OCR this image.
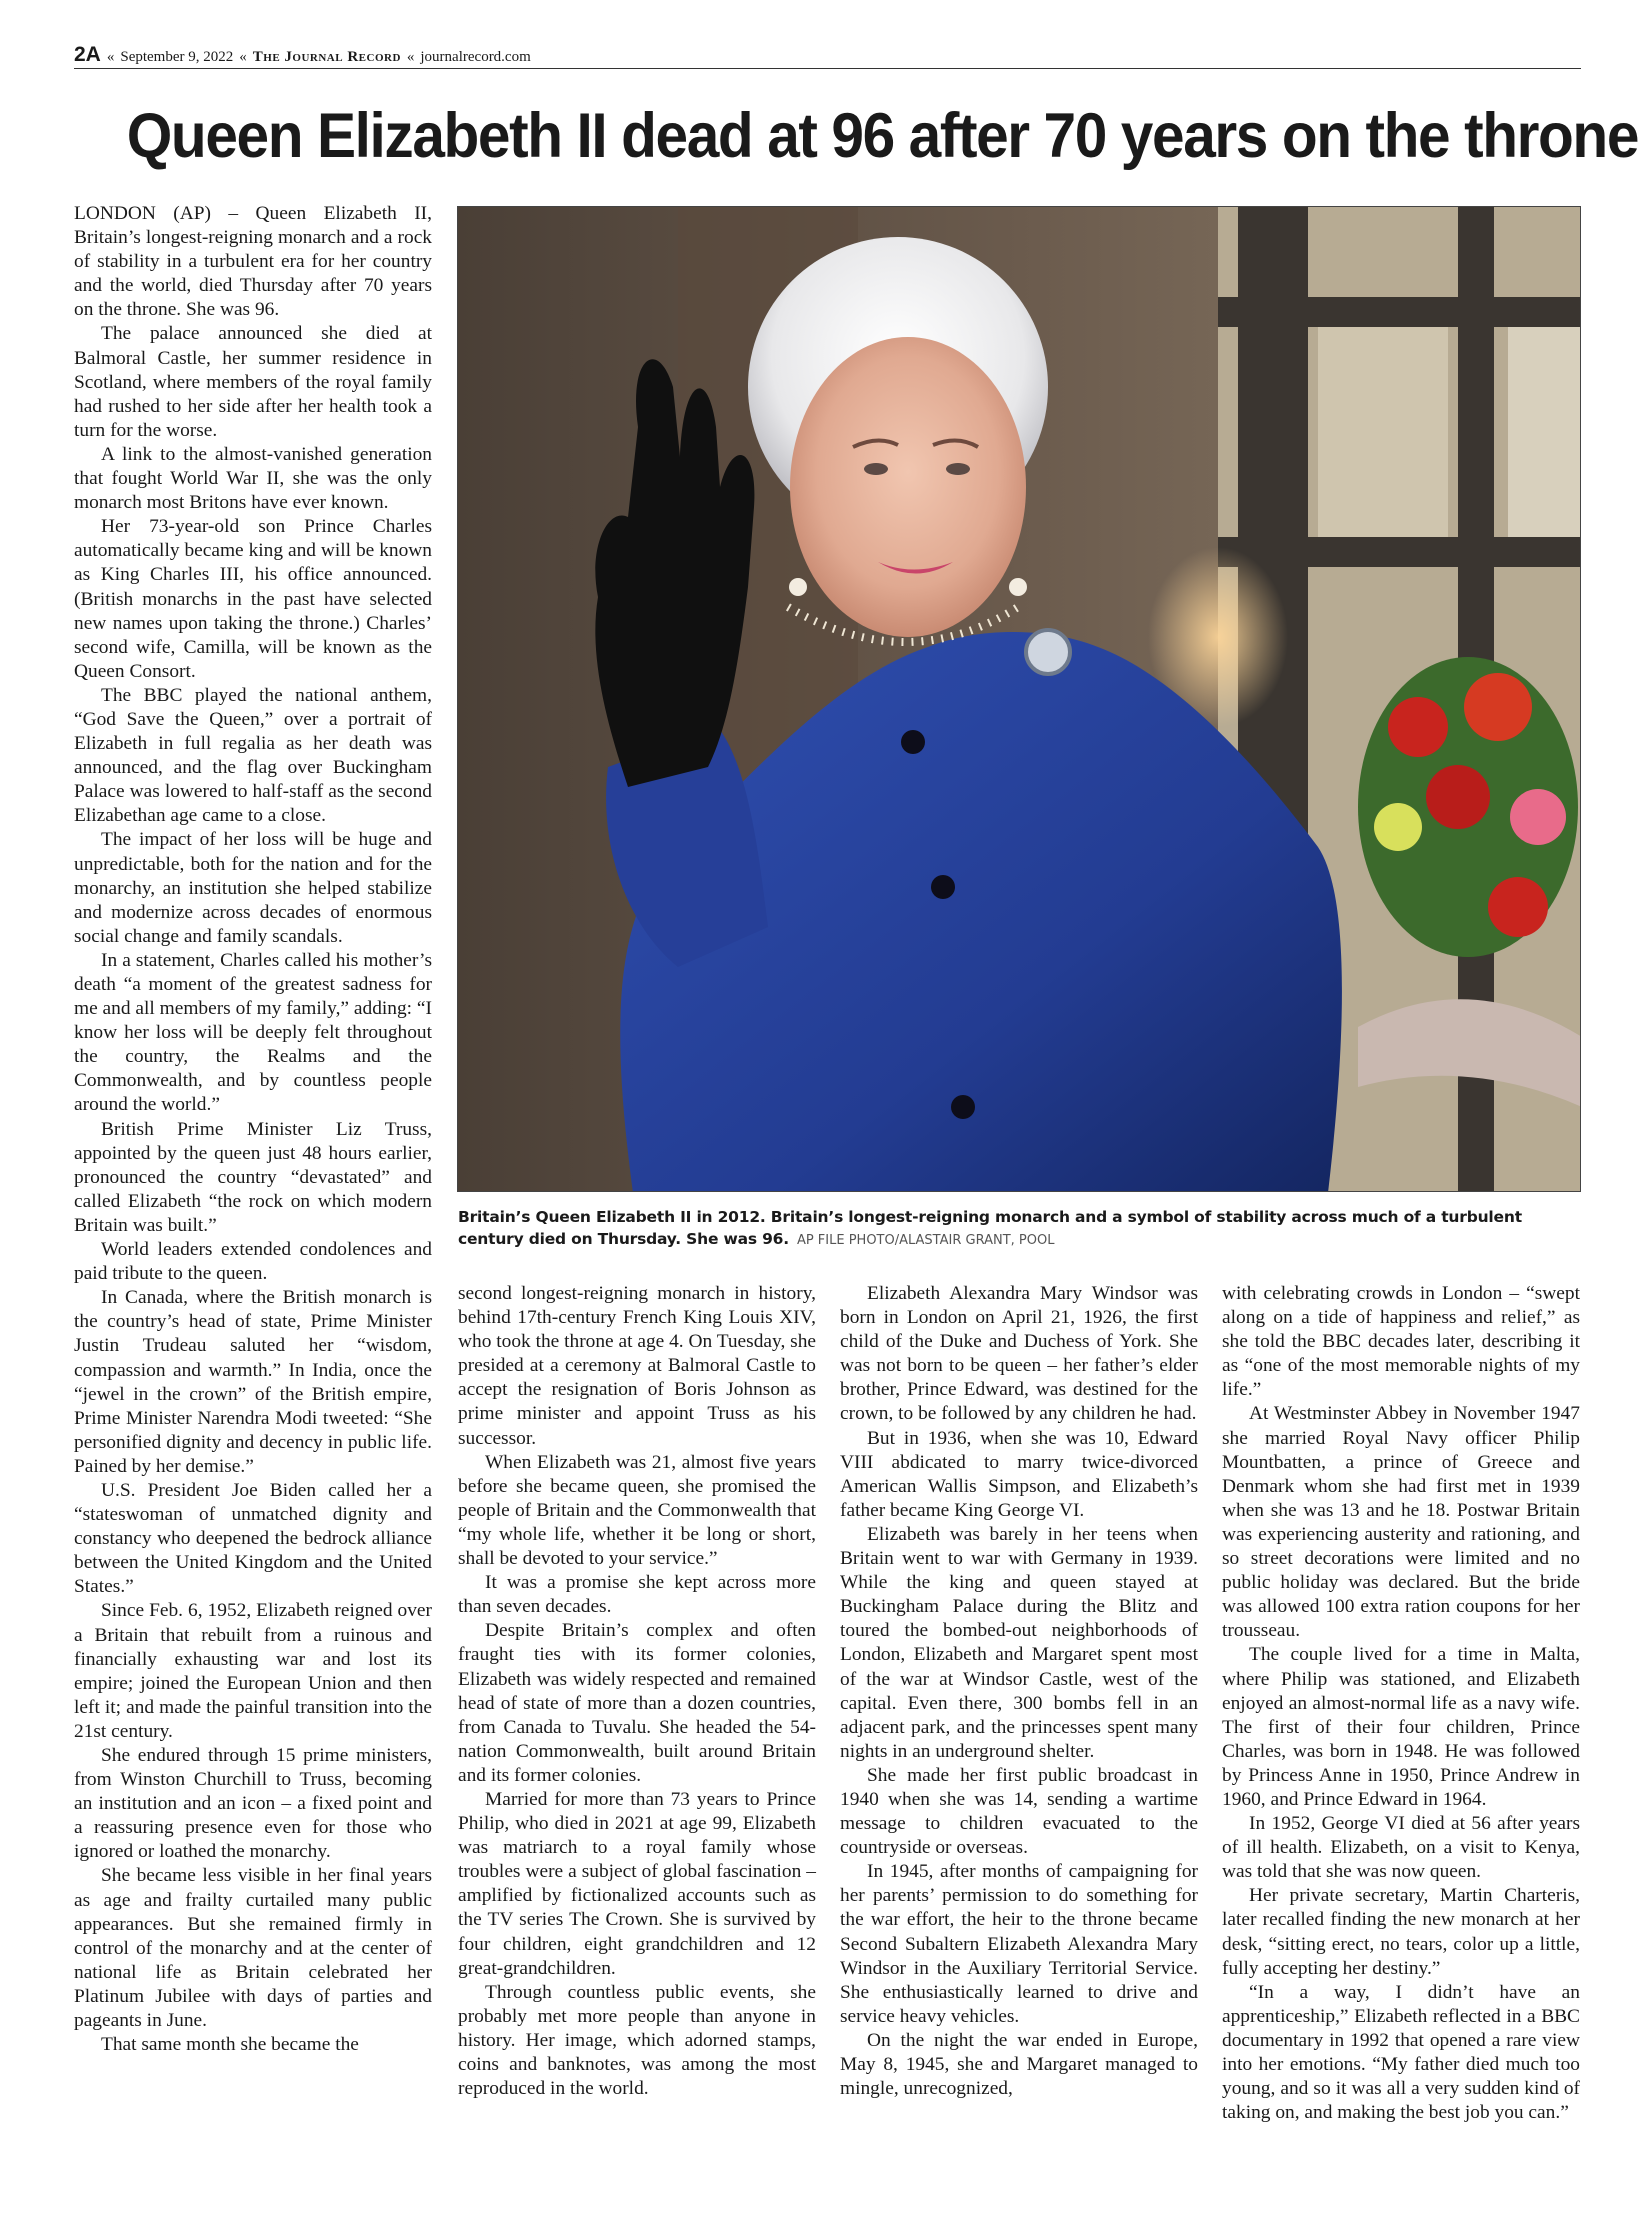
2A « September 9, 2022 « The Journal Record « journalrecord.com
Queen Elizabeth II dead at 96 after 70 years on the throne

LONDON (AP) – Queen Elizabeth II, Britain’s longest-reigning monarch and a rock of stability in a turbulent era for her country and the world, died Thursday after 70 years on the throne. She was 96.

The palace announced she died at Balmoral Castle, her summer residence in Scotland, where members of the royal family had rushed to her side after her health took a turn for the worse.

A link to the almost-vanished generation that fought World War II, she was the only monarch most Britons have ever known.

Her 73-year-old son Prince Charles automatically became king and will be known as King Charles III, his office announced. (British monarchs in the past have selected new names upon taking the throne.) Charles’ second wife, Camilla, will be known as the Queen Consort.

The BBC played the national anthem, “God Save the Queen,” over a portrait of Elizabeth in full regalia as her death was announced, and the flag over Buckingham Palace was lowered to half-staff as the second Elizabethan age came to a close.

The impact of her loss will be huge and unpredictable, both for the nation and for the monarchy, an institution she helped stabilize and modernize across decades of enormous social change and family scandals.

In a statement, Charles called his mother’s death “a moment of the greatest sadness for me and all members of my family,” adding: “I know her loss will be deeply felt throughout the country, the Realms and the Commonwealth, and by countless people around the world.”

British Prime Minister Liz Truss, appointed by the queen just 48 hours earlier, pronounced the country “devastated” and called Elizabeth “the rock on which modern Britain was built.”

World leaders extended condolences and paid tribute to the queen.

In Canada, where the British monarch is the country’s head of state, Prime Minister Justin Trudeau saluted her “wisdom, compassion and warmth.” In India, once the “jewel in the crown” of the British empire, Prime Minister Narendra Modi tweeted: “She personified dignity and decency in public life. Pained by her demise.”

U.S. President Joe Biden called her a “stateswoman of unmatched dignity and constancy who deepened the bedrock alliance between the United Kingdom and the United States.”

Since Feb. 6, 1952, Elizabeth reigned over a Britain that rebuilt from a ruinous and financially exhausting war and lost its empire; joined the European Union and then left it; and made the painful transition into the 21st century.

She endured through 15 prime ministers, from Winston Churchill to Truss, becoming an institution and an icon – a fixed point and a reassuring presence even for those who ignored or loathed the monarchy.

She became less visible in her final years as age and frailty curtailed many public appearances. But she remained firmly in control of the monarchy and at the center of national life as Britain celebrated her Platinum Jubilee with days of parties and pageants in June.

That same month she became the

Britain’s Queen Elizabeth II in 2012. Britain’s longest-reigning monarch and a symbol of stability across much of a turbulent century died on Thursday. She was 96. AP FILE PHOTO/ALASTAIR GRANT, POOL

second longest-reigning monarch in history, behind 17th-century French King Louis XIV, who took the throne at age 4. On Tuesday, she presided at a ceremony at Balmoral Castle to accept the resignation of Boris Johnson as prime minister and appoint Truss as his successor.

When Elizabeth was 21, almost five years before she became queen, she promised the people of Britain and the Commonwealth that “my whole life, whether it be long or short, shall be devoted to your service.”

It was a promise she kept across more than seven decades.

Despite Britain’s complex and often fraught ties with its former colonies, Elizabeth was widely respected and remained head of state of more than a dozen countries, from Canada to Tuvalu. She headed the 54-nation Commonwealth, built around Britain and its former colonies.

Married for more than 73 years to Prince Philip, who died in 2021 at age 99, Elizabeth was matriarch to a royal family whose troubles were a subject of global fascination – amplified by fictionalized accounts such as the TV series The Crown. She is survived by four children, eight grandchildren and 12 great-grandchildren.

Through countless public events, she probably met more people than anyone in history. Her image, which adorned stamps, coins and banknotes, was among the most reproduced in the world.

Elizabeth Alexandra Mary Windsor was born in London on April 21, 1926, the first child of the Duke and Duchess of York. She was not born to be queen – her father’s elder brother, Prince Edward, was destined for the crown, to be followed by any children he had.

But in 1936, when she was 10, Edward VIII abdicated to marry twice-divorced American Wallis Simpson, and Elizabeth’s father became King George VI.

Elizabeth was barely in her teens when Britain went to war with Germany in 1939. While the king and queen stayed at Buckingham Palace during the Blitz and toured the bombed-out neighborhoods of London, Elizabeth and Margaret spent most of the war at Windsor Castle, west of the capital. Even there, 300 bombs fell in an adjacent park, and the princesses spent many nights in an underground shelter.

She made her first public broadcast in 1940 when she was 14, sending a wartime message to children evacuated to the countryside or overseas.

In 1945, after months of campaigning for her parents’ permission to do something for the war effort, the heir to the throne became Second Subaltern Elizabeth Alexandra Mary Windsor in the Auxiliary Territorial Service. She enthusiastically learned to drive and service heavy vehicles.

On the night the war ended in Europe, May 8, 1945, she and Margaret managed to mingle, unrecognized,

with celebrating crowds in London – “swept along on a tide of happiness and relief,” as she told the BBC decades later, describing it as “one of the most memorable nights of my life.”

At Westminster Abbey in November 1947 she married Royal Navy officer Philip Mountbatten, a prince of Greece and Denmark whom she had first met in 1939 when she was 13 and he 18. Postwar Britain was experiencing austerity and rationing, and so street decorations were limited and no public holiday was declared. But the bride was allowed 100 extra ration coupons for her trousseau.

The couple lived for a time in Malta, where Philip was stationed, and Elizabeth enjoyed an almost-normal life as a navy wife. The first of their four children, Prince Charles, was born in 1948. He was followed by Princess Anne in 1950, Prince Andrew in 1960, and Prince Edward in 1964.

In 1952, George VI died at 56 after years of ill health. Elizabeth, on a visit to Kenya, was told that she was now queen.

Her private secretary, Martin Charteris, later recalled finding the new monarch at her desk, “sitting erect, no tears, color up a little, fully accepting her destiny.”

“In a way, I didn’t have an apprenticeship,” Elizabeth reflected in a BBC documentary in 1992 that opened a rare view into her emotions. “My father died much too young, and so it was all a very sudden kind of taking on, and making the best job you can.”
